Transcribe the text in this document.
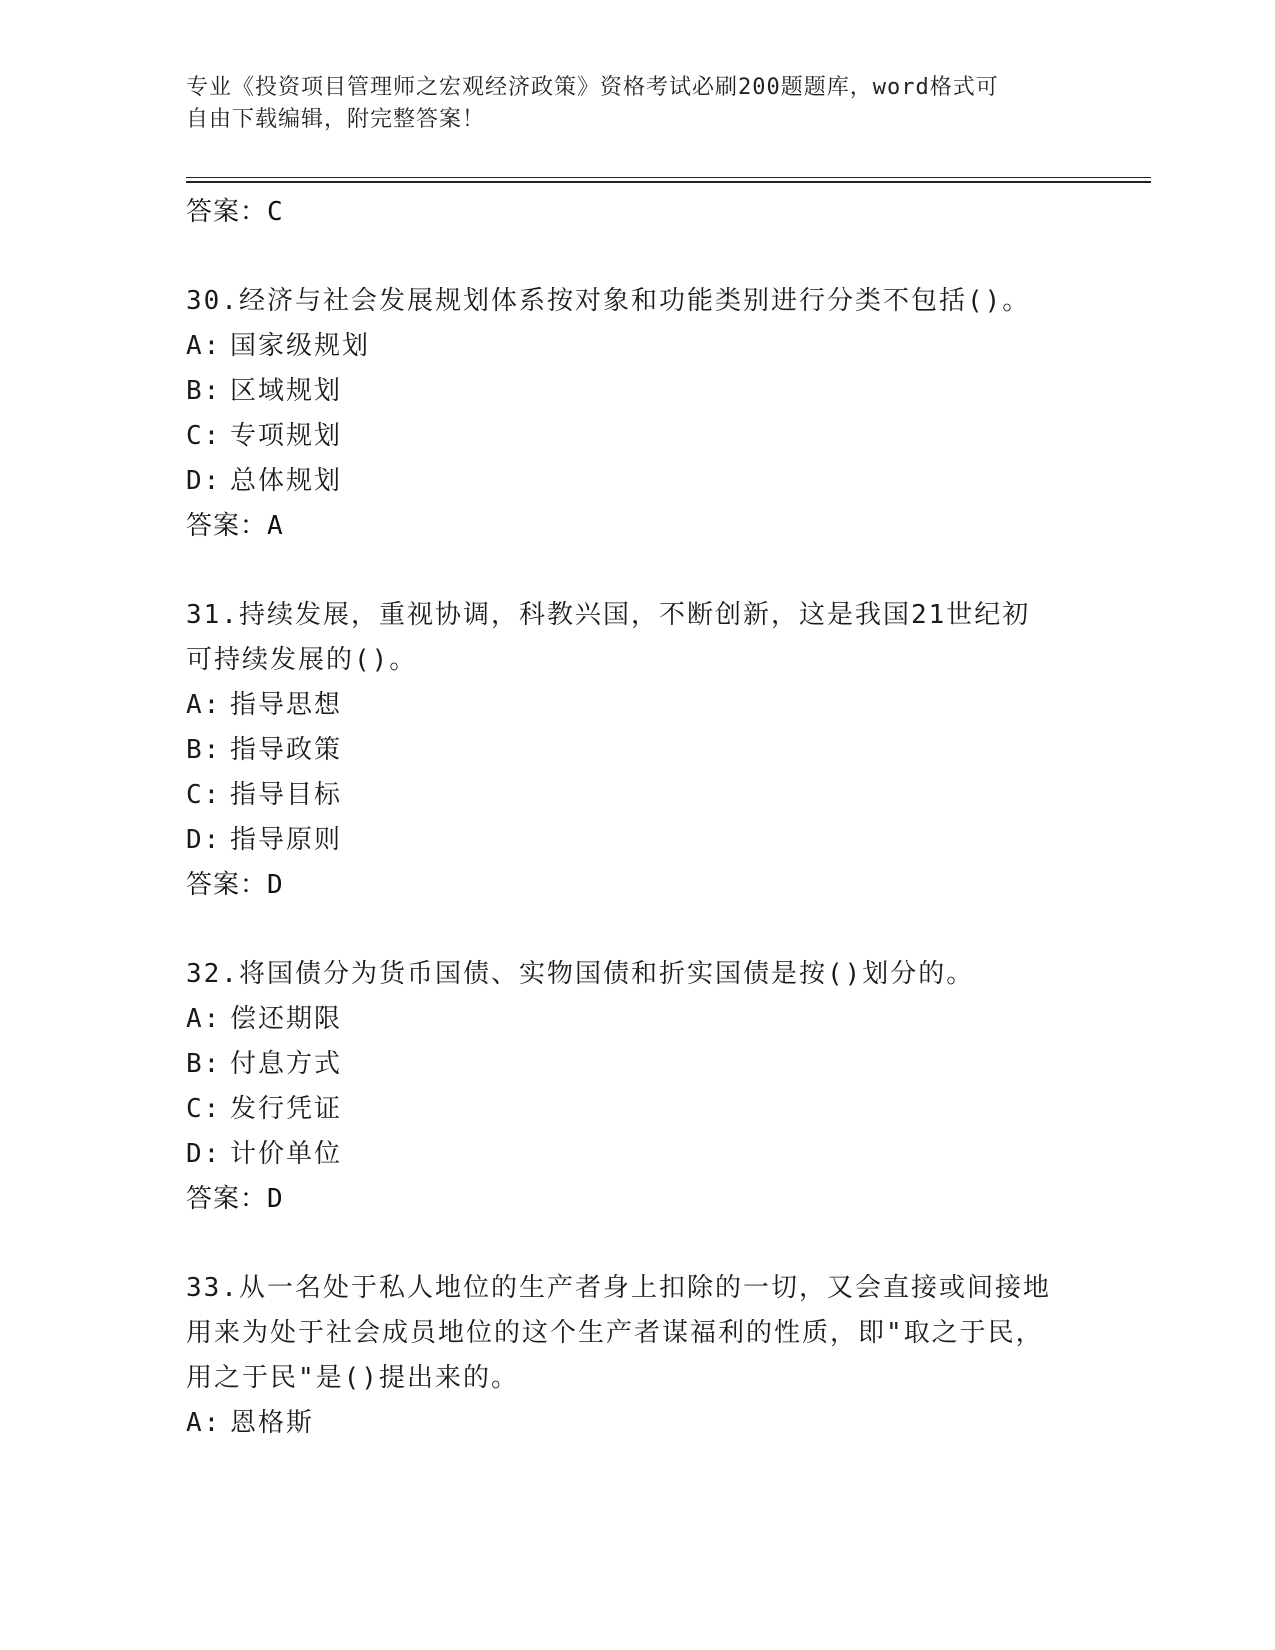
专业《投资项目管理师之宏观经济政策》资格考试必刷200题题库，word格式可
自由下载编辑，附完整答案！
答案：C
30.经济与社会发展规划体系按对象和功能类别进行分类不包括()。
A: 国家级规划
B: 区域规划
C: 专项规划
D: 总体规划
答案：A
31.持续发展，重视协调，科教兴国，不断创新，这是我国21世纪初
可持续发展的()。
A: 指导思想
B: 指导政策
C: 指导目标
D: 指导原则
答案：D
32.将国债分为货币国债、实物国债和折实国债是按()划分的。
A: 偿还期限
B: 付息方式
C: 发行凭证
D: 计价单位
答案：D
33.从一名处于私人地位的生产者身上扣除的一切，又会直接或间接地
用来为处于社会成员地位的这个生产者谋福利的性质，即"取之于民，
用之于民"是()提出来的。
A: 恩格斯
